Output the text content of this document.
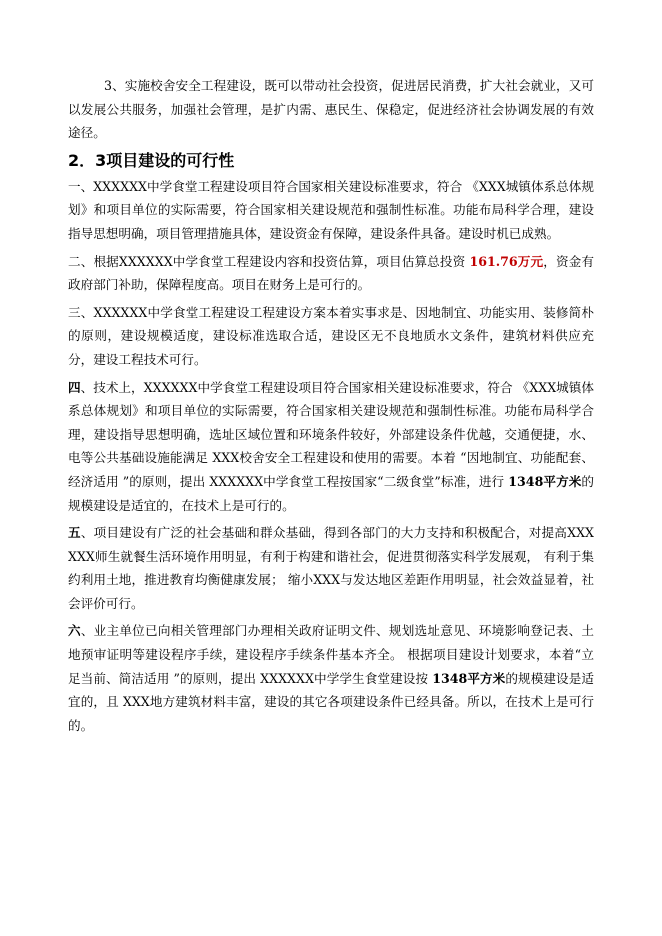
3、实施校舍安全工程建设，既可以带动社会投资，促进居民消费，扩大社会就业，又可以发展公共服务，加强社会管理，是扩内需、惠民生、保稳定，促进经济社会协调发展的有效途径。

2．3项目建设的可行性

一、XXXXXX中学食堂工程建设项目符合国家相关建设标准要求，符合 《XXX城镇体系总体规划》和项目单位的实际需要，符合国家相关建设规范和强制性标准。功能布局科学合理，建设指导思想明确，项目管理措施具体，建设资金有保障，建设条件具备。建设时机已成熟。

二、根据XXXXXX中学食堂工程建设内容和投资估算，项目估算总投资 161.76万元，资金有政府部门补助，保障程度高。项目在财务上是可行的。

三、XXXXXX中学食堂工程建设工程建设方案本着实事求是、因地制宜、功能实用、装修简朴的原则，建设规模适度，建设标准选取合适，建设区无不良地质水文条件，建筑材料供应充分，建设工程技术可行。

四、技术上，XXXXXX中学食堂工程建设项目符合国家相关建设标准要求，符合 《XXX城镇体系总体规划》和项目单位的实际需要，符合国家相关建设规范和强制性标准。功能布局科学合理，建设指导思想明确，选址区域位置和环境条件较好，外部建设条件优越，交通便捷，水、电等公共基础设施能满足 XXX校舍安全工程建设和使用的需要。本着 “因地制宜、功能配套、经济适用 ”的原则，提出 XXXXXX中学食堂工程按国家“二级食堂”标准，进行 1348平方米的规模建设是适宜的，在技术上是可行的。

五、项目建设有广泛的社会基础和群众基础，得到各部门的大力支持和积极配合，对提高XXXXXX师生就餐生活环境作用明显，有利于构建和谐社会，促进贯彻落实科学发展观， 有利于集约利用土地，推进教育均衡健康发展； 缩小XXX与发达地区差距作用明显，社会效益显着，社会评价可行。

六、业主单位已向相关管理部门办理相关政府证明文件、规划选址意见、环境影响登记表、土地预审证明等建设程序手续，建设程序手续条件基本齐全。 根据项目建设计划要求，本着“立足当前、简洁适用 ”的原则，提出 XXXXXX中学学生食堂建设按 1348平方米的规模建设是适宜的，且 XXX地方建筑材料丰富，建设的其它各项建设条件已经具备。所以，在技术上是可行的。
